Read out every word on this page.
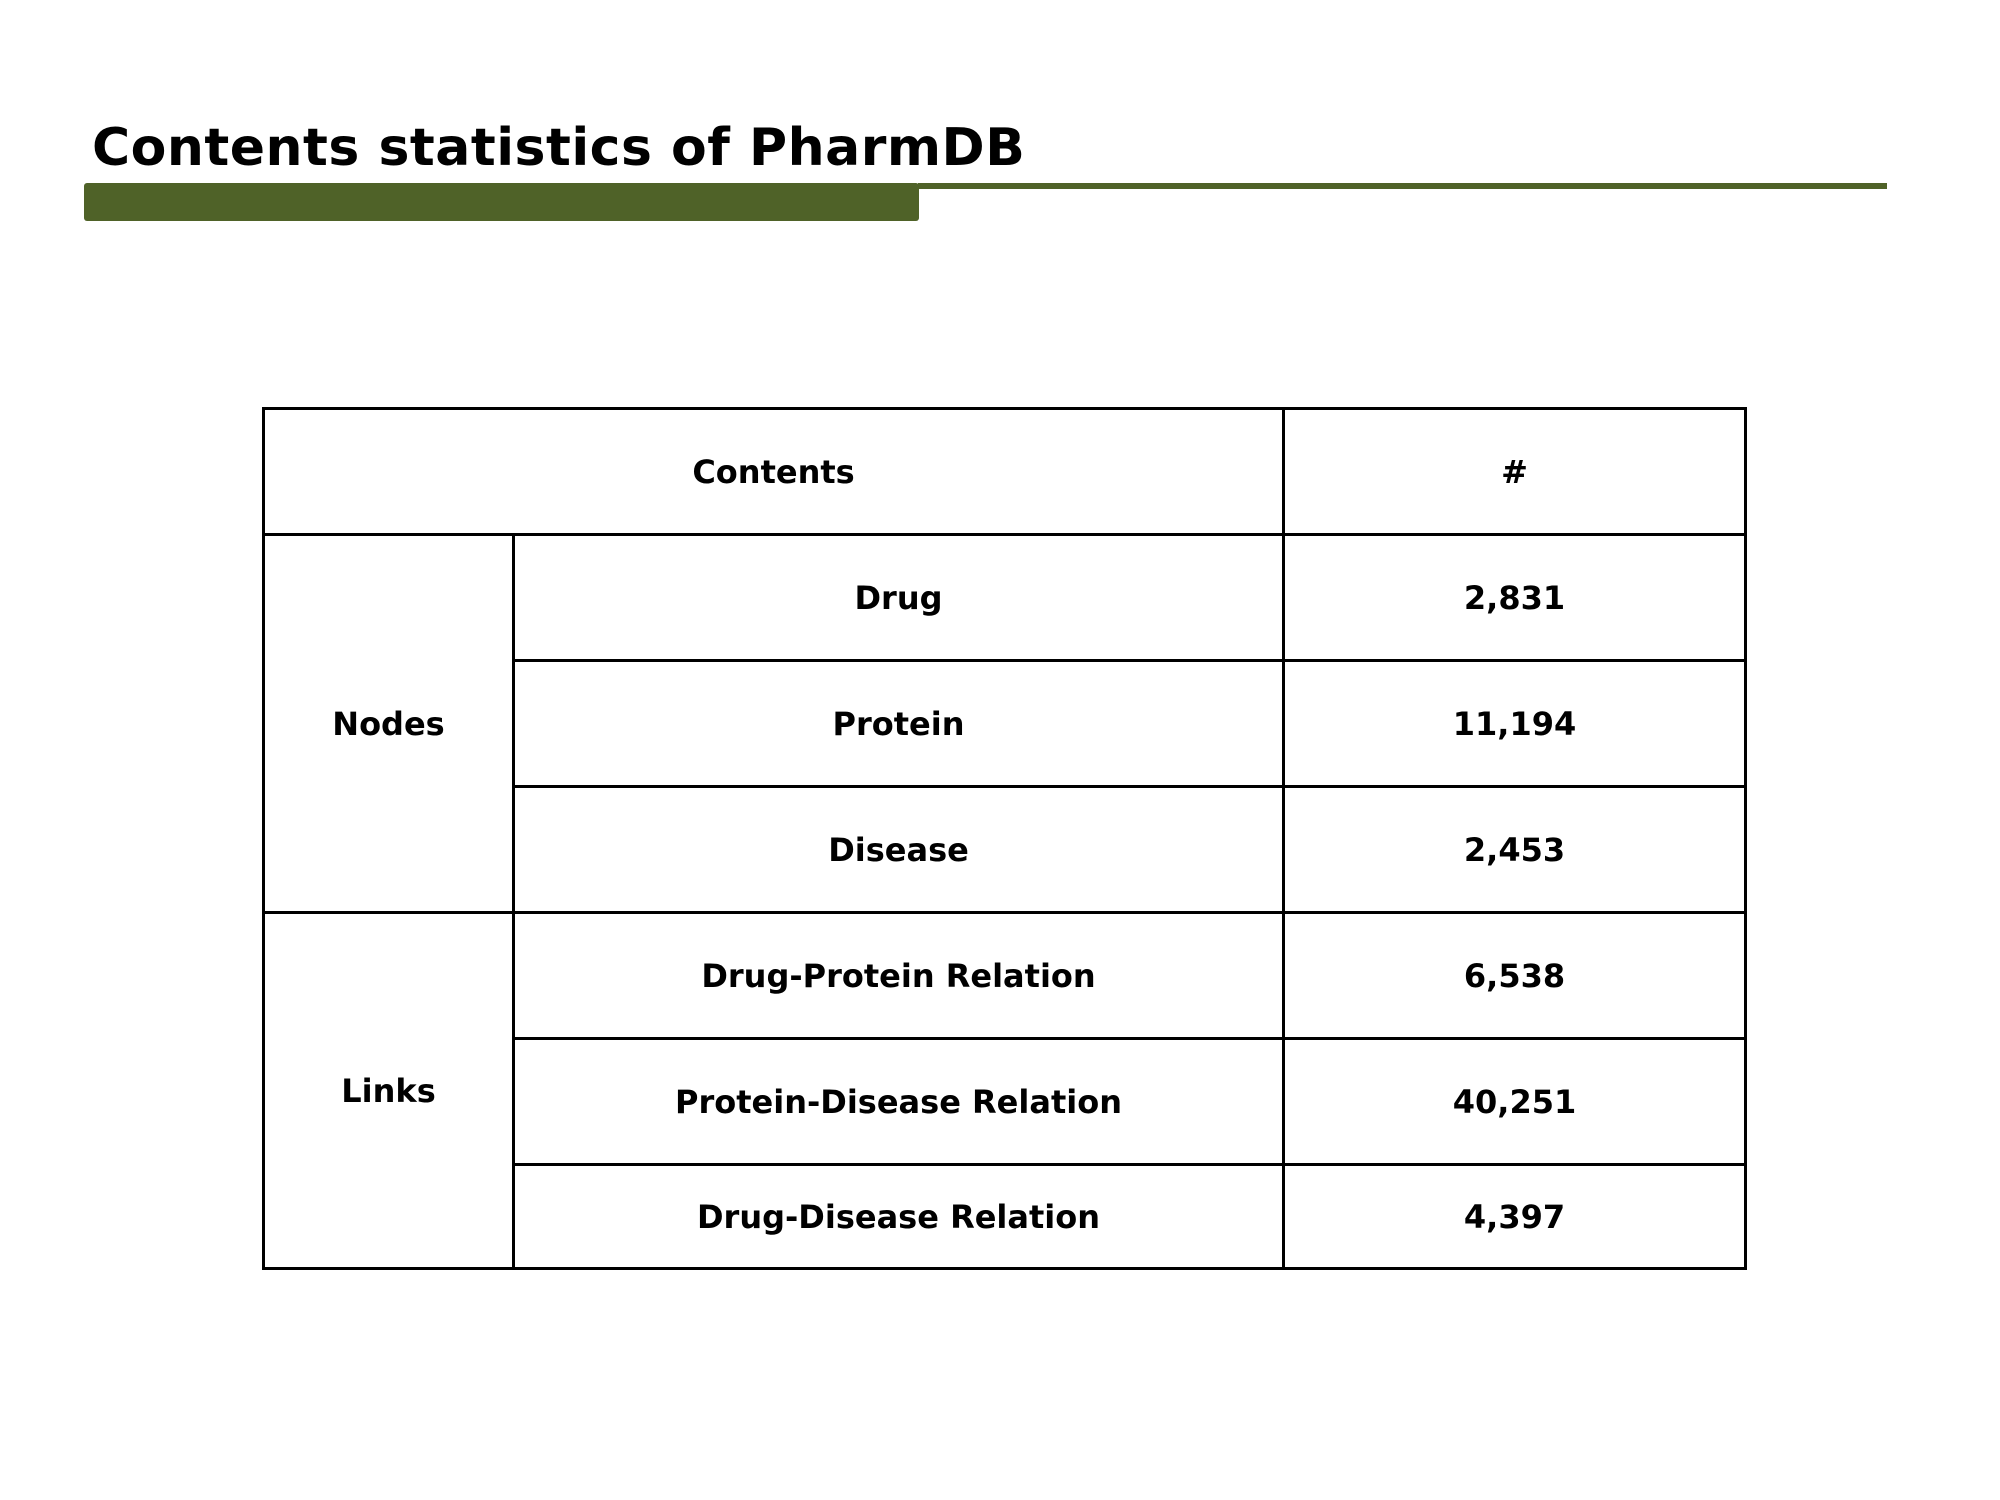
Contents statistics of PharmDB
Contents		#
Nodes	Drug	2,831
	Protein	11,194
	Disease	2,453
Links	Drug-Protein Relation	6,538
	Protein-Disease Relation	40,251
	Drug-Disease Relation	4,397
